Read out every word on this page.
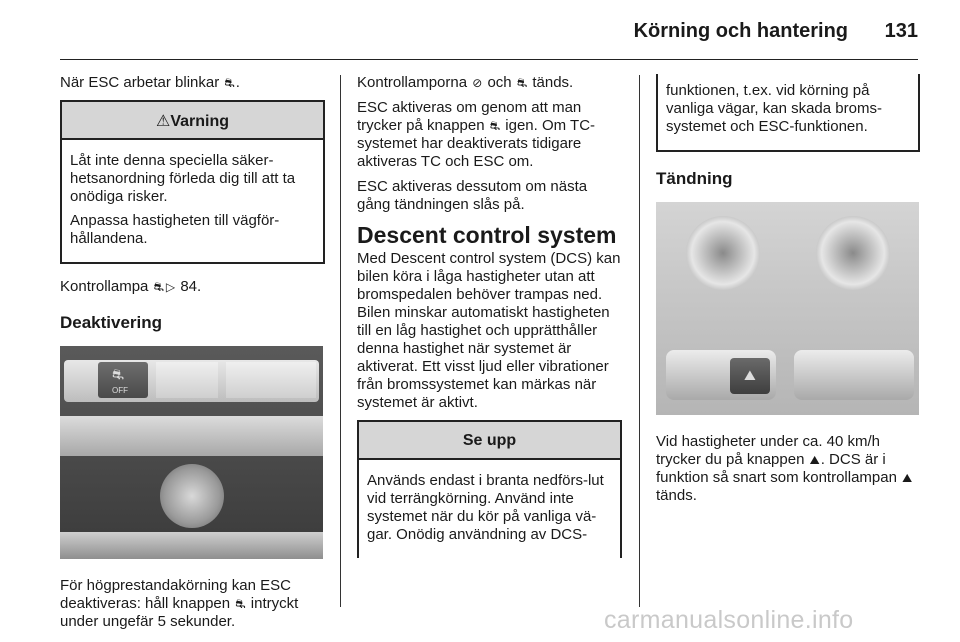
Körning och hantering 131

När ESC arbetar blinkar ⛐.

⚠Varning

Låt inte denna speciella säker-hetsanordning förleda dig till att ta onödiga risker.

Anpassa hastigheten till vägför-hållandena.

Kontrollampa ⛐ ▷ 84.

Deaktivering
⛐
OFF

För högprestandakörning kan ESC deaktiveras: håll knappen ⛐ intryckt under ungefär 5 sekunder.

Kontrollamporna ⊘ och ⛐ tänds.

ESC aktiveras om genom att man trycker på knappen ⛐ igen. Om TC-systemet har deaktiverats tidigare aktiveras TC och ESC om.

ESC aktiveras dessutom om nästa gång tändningen slås på.

Descent control system

Med Descent control system (DCS) kan bilen köra i låga hastigheter utan att bromspedalen behöver trampas ned. Bilen minskar automatiskt hastigheten till en låg hastighet och upprätthåller denna hastighet när systemet är aktiverat. Ett visst ljud eller vibrationer från bromssystemet kan märkas när systemet är aktivt.

Se upp

Används endast i branta nedförs-lut vid terrängkörning. Använd inte systemet när du kör på vanliga vä-gar. Onödig användning av DCS-

funktionen, t.ex. vid körning på vanliga vägar, kan skada broms-systemet och ESC-funktionen.

Tändning
⛰

Vid hastigheter under ca. 40 km/h trycker du på knappen ⛰. DCS är i funktion så snart som kontrollampan ⛰ tänds.

carmanualsonline.info
